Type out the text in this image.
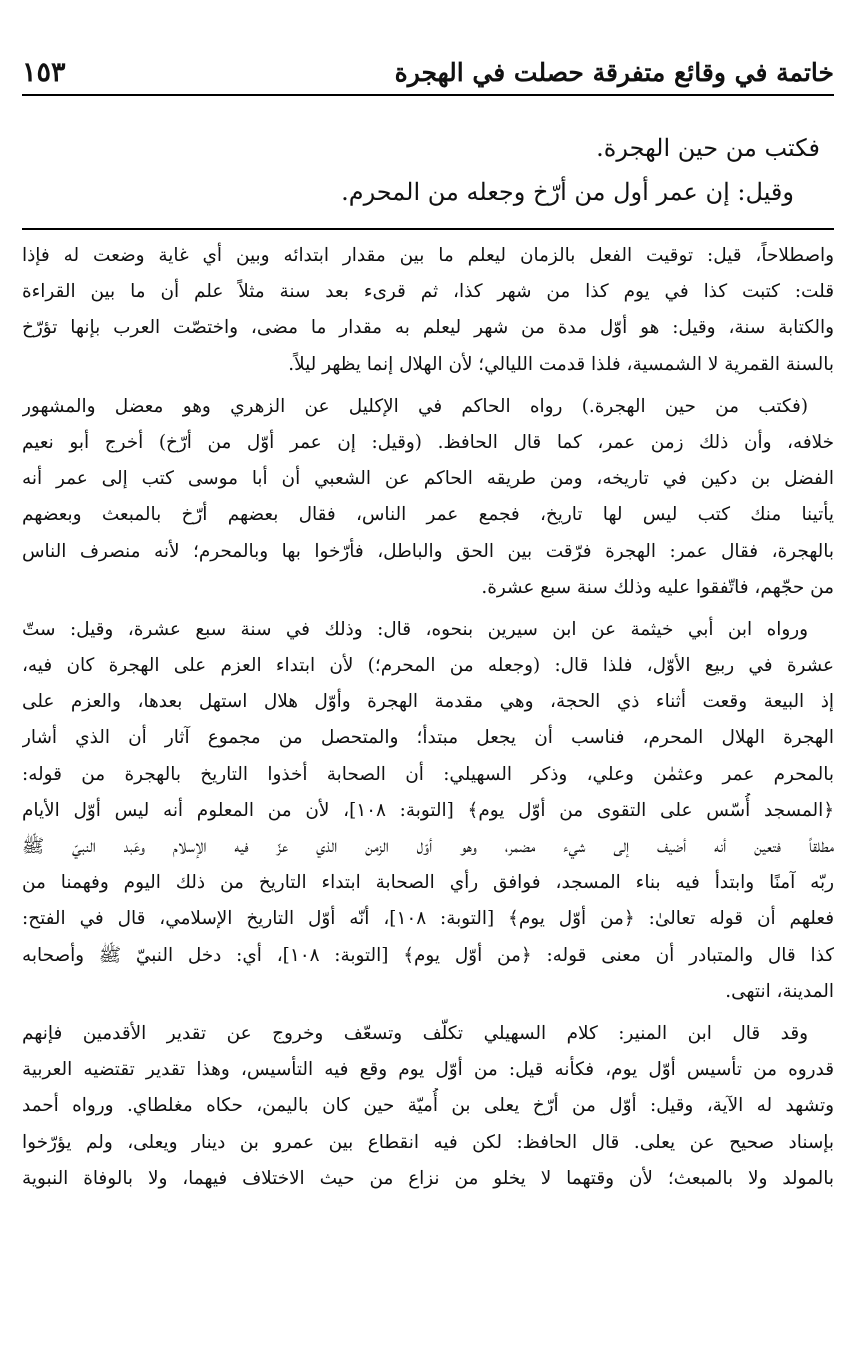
خاتمة في وقائع متفرقة حصلت في الهجرة
١٥٣
فكتب من حين الهجرة.
وقيل: إن عمر أول من أرّخ وجعله من المحرم.
واصطلاحاً، قيل: توقيت الفعل بالزمان ليعلم ما بين مقدار ابتدائه وبين أي غاية وضعت له فإذا
قلت: كتبت كذا في يوم كذا من شهر كذا، ثم قرىء بعد سنة مثلاً علم أن ما بين القراءة
والكتابة سنة، وقيل: هو أوّل مدة من شهر ليعلم به مقدار ما مضى، واختصّت العرب بإنها تؤرّخ
بالسنة القمرية لا الشمسية، فلذا قدمت الليالي؛ لأن الهلال إنما يظهر ليلاً.
(فكتب من حين الهجرة.) رواه الحاكم في الإكليل عن الزهري وهو معضل والمشهور
خلافه، وأن ذلك زمن عمر، كما قال الحافظ. (وقيل: إن عمر أوّل من أرّخ) أخرج أبو نعيم
الفضل بن دكين في تاريخه، ومن طريقه الحاكم عن الشعبي أن أبا موسى كتب إلى عمر أنه
يأتينا منك كتب ليس لها تاريخ، فجمع عمر الناس، فقال بعضهم أرّخ بالمبعث وبعضهم
بالهجرة، فقال عمر: الهجرة فرّقت بين الحق والباطل، فأرّخوا بها وبالمحرم؛ لأنه منصرف الناس
من حجّهم، فاتّفقوا عليه وذلك سنة سبع عشرة.
ورواه ابن أبي خيثمة عن ابن سيرين بنحوه، قال: وذلك في سنة سبع عشرة، وقيل: ستّ
عشرة في ربيع الأوّل، فلذا قال: (وجعله من المحرم؛) لأن ابتداء العزم على الهجرة كان فيه،
إذ البيعة وقعت أثناء ذي الحجة، وهي مقدمة الهجرة وأوّل هلال استهل بعدها، والعزم على
الهجرة الهلال المحرم، فناسب أن يجعل مبتدأ؛ والمتحصل من مجموع آثار أن الذي أشار
بالمحرم عمر وعثمٰن وعلي، وذكر السهيلي: أن الصحابة أخذوا التاريخ بالهجرة من قوله:
﴿المسجد أُسّس على التقوى من أوّل يوم﴾ [التوبة: ١٠٨]، لأن من المعلوم أنه ليس أوّل الأيام
مطلقاً فتعين أنه أضيف إلى شيء مضمر، وهو أوّل الزمن الذي عزّ فيه الإسلام وعَبد النبيّ ﷺ
ربّه آمنًا وابتدأ فيه بناء المسجد، فوافق رأي الصحابة ابتداء التاريخ من ذلك اليوم وفهمنا من
فعلهم أن قوله تعالىٰ: ﴿من أوّل يوم﴾ [التوبة: ١٠٨]، أنّه أوّل التاريخ الإسلامي، قال في الفتح:
كذا قال والمتبادر أن معنى قوله: ﴿من أوّل يوم﴾ [التوبة: ١٠٨]، أي: دخل النبيّ ﷺ وأصحابه
المدينة، انتهى.
وقد قال ابن المنير: كلام السهيلي تكلّف وتسعّف وخروج عن تقدير الأقدمين فإنهم
قدروه من تأسيس أوّل يوم، فكأنه قيل: من أوّل يوم وقع فيه التأسيس، وهذا تقدير تقتضيه العربية
وتشهد له الآية، وقيل: أوّل من أرّخ يعلى بن أُميّة حين كان باليمن، حكاه مغلطاي. ورواه أحمد
بإسناد صحيح عن يعلى. قال الحافظ: لكن فيه انقطاع بين عمرو بن دينار ويعلى، ولم يؤرّخوا
بالمولد ولا بالمبعث؛ لأن وقتهما لا يخلو من نزاع من حيث الاختلاف فيهما، ولا بالوفاة النبوية
